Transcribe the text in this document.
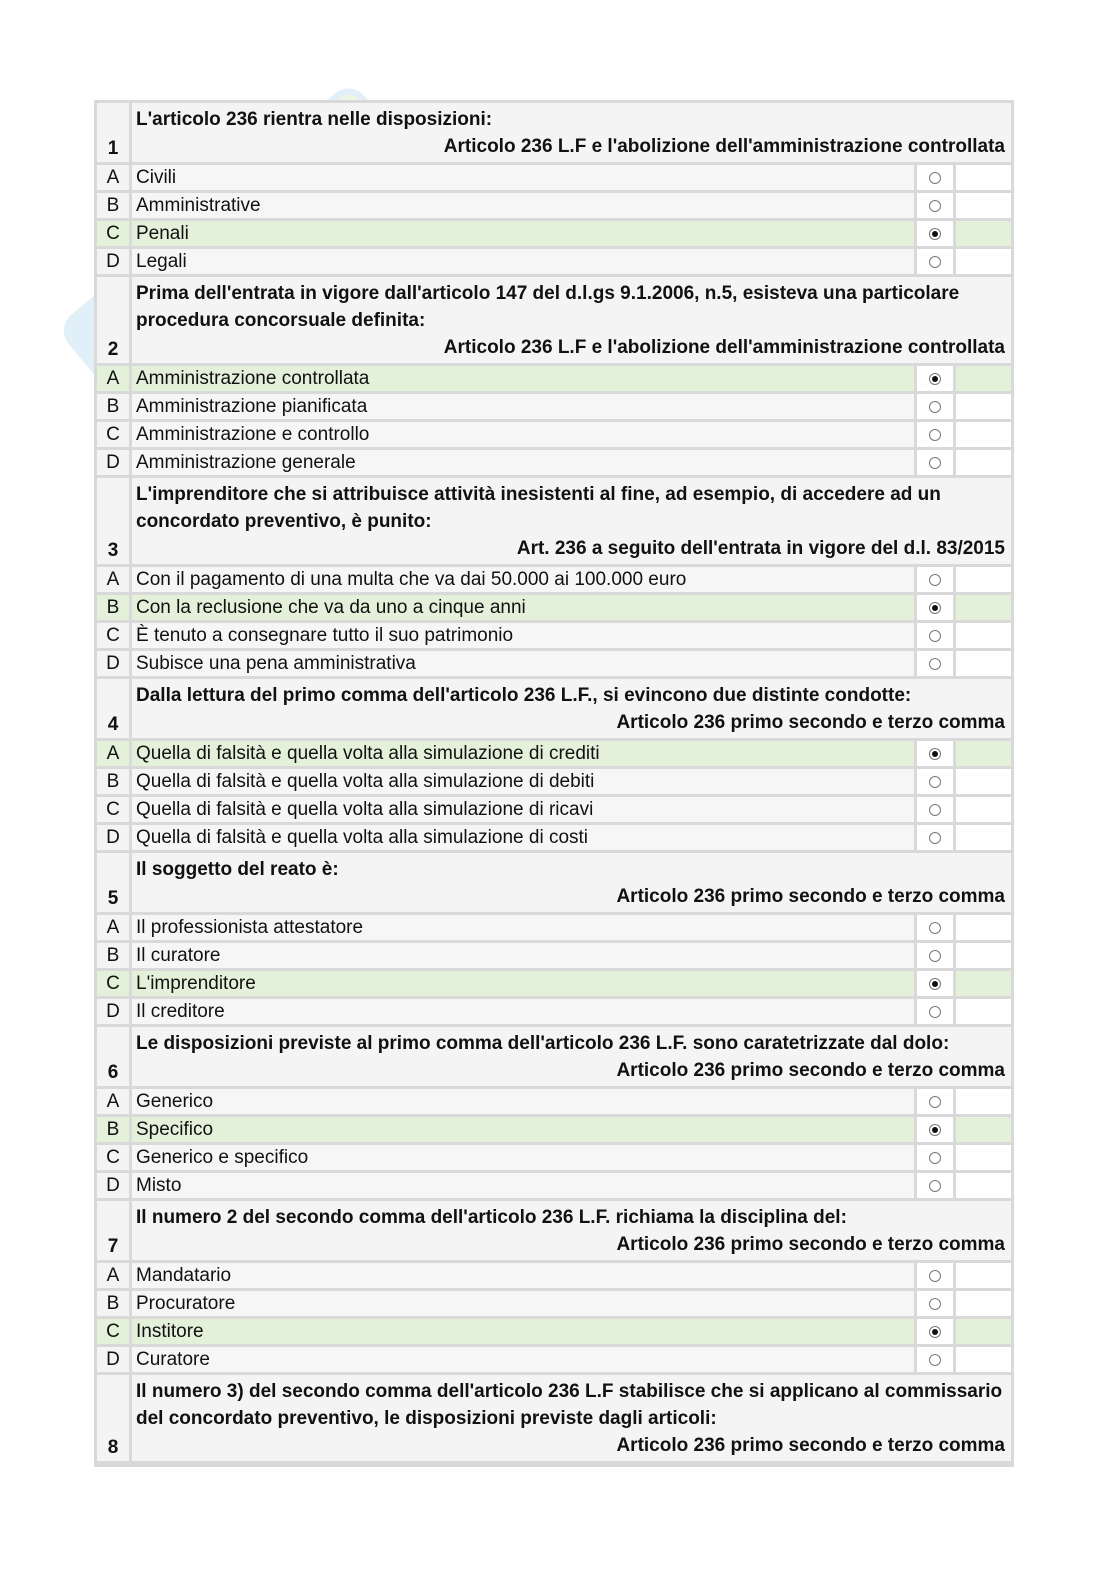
1
L'articolo 236 rientra nelle disposizioni:
Articolo 236 L.F e l'abolizione dell'amministrazione controllata
A Civili
B Amministrative
C Penali
D Legali
2
Prima dell'entrata in vigore dall'articolo 147 del d.l.gs 9.1.2006, n.5, esisteva una particolare procedura concorsuale definita:
Articolo 236 L.F e l'abolizione dell'amministrazione controllata
A Amministrazione controllata
B Amministrazione pianificata
C Amministrazione e controllo
D Amministrazione generale
3
L'imprenditore che si attribuisce attività inesistenti al fine, ad esempio, di accedere ad un concordato preventivo, è punito:
Art. 236 a seguito dell'entrata in vigore del d.l. 83/2015
A Con il pagamento di una multa che va dai 50.000 ai 100.000 euro
B Con la reclusione che va da uno a cinque anni
C È tenuto a consegnare tutto il suo patrimonio
D Subisce una pena amministrativa
4
Dalla lettura del primo comma dell'articolo 236 L.F., si evincono due distinte condotte:
Articolo 236 primo secondo e terzo comma
A Quella di falsità e quella volta alla simulazione di crediti
B Quella di falsità e quella volta alla simulazione di debiti
C Quella di falsità e quella volta alla simulazione di ricavi
D Quella di falsità e quella volta alla simulazione di costi
5
Il soggetto del reato è:
Articolo 236 primo secondo e terzo comma
A Il professionista attestatore
B Il curatore
C L'imprenditore
D Il creditore
6
Le disposizioni previste al primo comma dell'articolo 236 L.F. sono caratetrizzate dal dolo:
Articolo 236 primo secondo e terzo comma
A Generico
B Specifico
C Generico e specifico
D Misto
7
Il numero 2 del secondo comma dell'articolo 236 L.F. richiama la disciplina del:
Articolo 236 primo secondo e terzo comma
A Mandatario
B Procuratore
C Institore
D Curatore
8
Il numero 3) del secondo comma dell'articolo 236 L.F stabilisce che si applicano al commissario del concordato preventivo, le disposizioni previste dagli articoli:
Articolo 236 primo secondo e terzo comma
